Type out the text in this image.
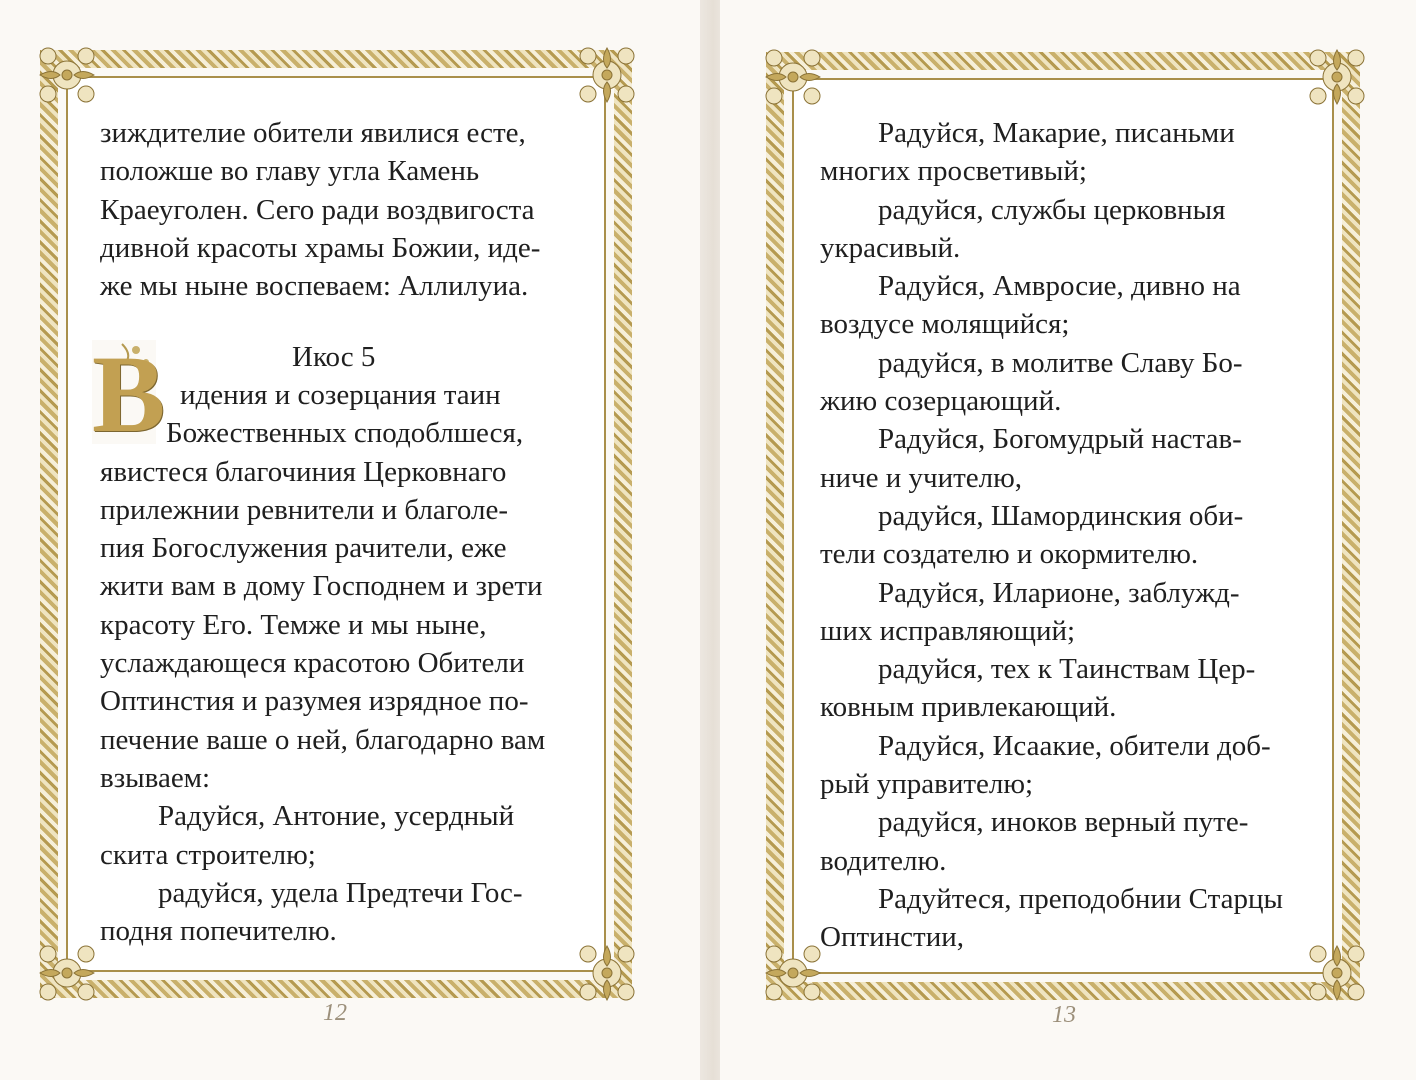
зиждителие обители явилися есте,

положше во главу угла Камень

Краеуголен. Сего ради воздвигоста

дивной красоты храмы Божии, иде-

же мы ныне воспеваем: Аллилуиа.

Икос 5

В идения и созерцания таин

Божественных сподоблшеся,

явистеся благочиния Церковнаго

прилежнии ревнители и благоле-

пия Богослужения рачители, еже

жити вам в дому Господнем и зрети

красоту Его. Темже и мы ныне,

услаждающеся красотою Обители

Оптинстия и разумея изрядное по-

печение ваше о ней, благодарно вам

взываем:

Радуйся, Антоние, усердный

скита строителю;

радуйся, удела Предтечи Гос-

подня попечителю.

12

Радуйся, Макарие, писаньми

многих просветивый;

радуйся, службы церковныя

украсивый.

Радуйся, Амвросие, дивно на

воздусе молящийся;

радуйся, в молитве Славу Бо-

жию созерцающий.

Радуйся, Богомудрый настав-

ниче и учителю,

радуйся, Шамординския оби-

тели создателю и окормителю.

Радуйся, Иларионе, заблужд-

ших исправляющий;

радуйся, тех к Таинствам Цер-

ковным привлекающий.

Радуйся, Исаакие, обители доб-

рый управителю;

радуйся, иноков верный путе-

водителю.

Радуйтеся, преподобнии Старцы

Оптинстии,

13
